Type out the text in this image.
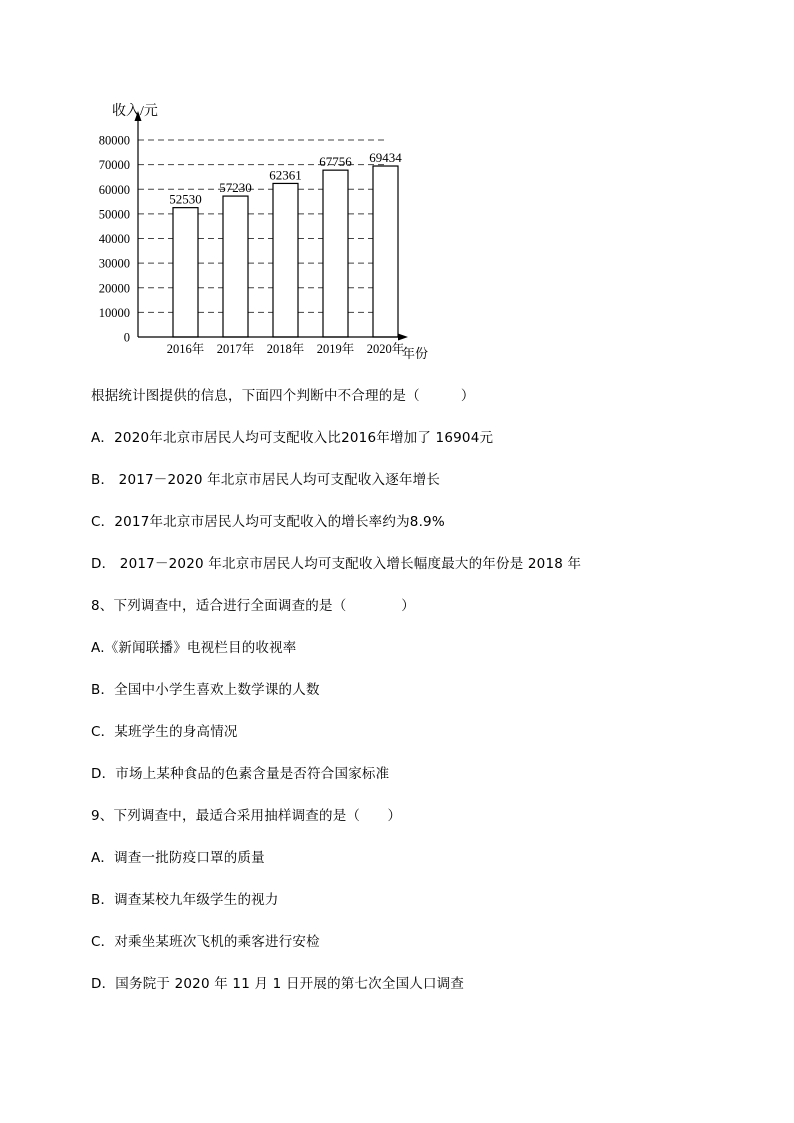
0
10000
20000
30000
40000
50000
60000
70000
80000
52530
57230
62361
67756 69434
2016年 2017年 2018年 2019年 2020年
收入/元
年份
根据统计图提供的信息，下面四个判断中不合理的是（　　　）
A．2020年北京市居民人均可支配收入比2016年增加了 16904元
B． 2017－2020 年北京市居民人均可支配收入逐年增长
C．2017年北京市居民人均可支配收入的增长率约为8.9%
D． 2017－2020 年北京市居民人均可支配收入增长幅度最大的年份是 2018 年
8、下列调查中，适合进行全面调查的是（　　　　）
A.《新闻联播》电视栏目的收视率
B．全国中小学生喜欢上数学课的人数
C．某班学生的身高情况
D．市场上某种食品的色素含量是否符合国家标准
9、下列调查中，最适合采用抽样调查的是（　　）
A．调查一批防疫口罩的质量
B．调查某校九年级学生的视力
C．对乘坐某班次飞机的乘客进行安检
D．国务院于 2020 年 11 月 1 日开展的第七次全国人口调查
